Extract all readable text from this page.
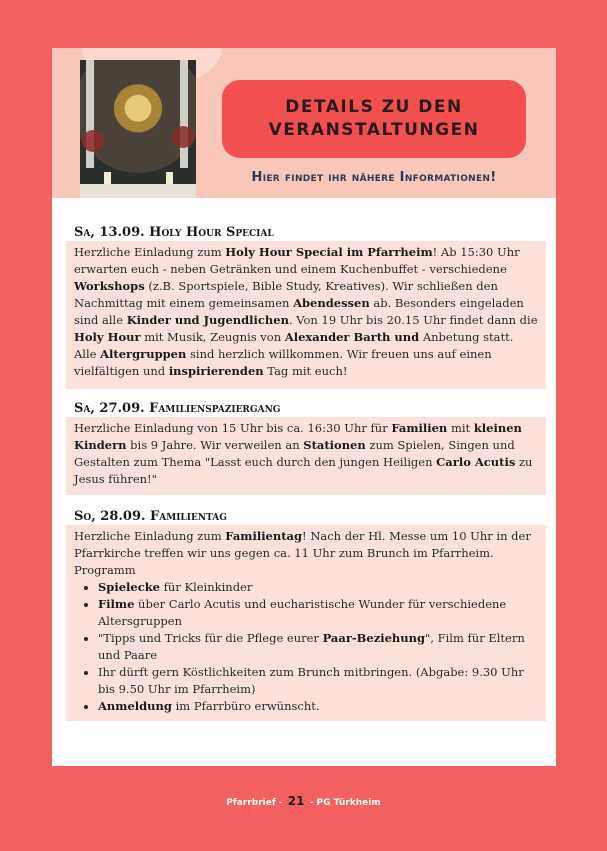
DETAILS ZU DEN
VERANSTALTUNGEN
Hier findet ihr nähere Informationen!
Sa, 13.09. Holy Hour Special

Herzliche Einladung zum Holy Hour Special im Pfarrheim! Ab 15:30 Uhr erwarten euch - neben Getränken und einem Kuchenbuffet - verschiedene Workshops (z.B. Sportspiele, Bible Study, Kreatives). Wir schließen den Nachmittag mit einem gemeinsamen Abendessen ab. Besonders eingeladen sind alle Kinder und Jugendlichen. Von 19 Uhr bis 20.15 Uhr findet dann die Holy Hour mit Musik, Zeugnis von Alexander Barth und Anbetung statt. Alle Altergruppen sind herzlich willkommen. Wir freuen uns auf einen vielfältigen und inspirierenden Tag mit euch!

Sa, 27.09. Familienspaziergang

Herzliche Einladung von 15 Uhr bis ca. 16:30 Uhr für Familien mit kleinen Kindern bis 9 Jahre. Wir verweilen an Stationen zum Spielen, Singen und Gestalten zum Thema "Lasst euch durch den jungen Heiligen Carlo Acutis zu Jesus führen!"

So, 28.09. Familientag

Herzliche Einladung zum Familientag! Nach der Hl. Messe um 10 Uhr in der Pfarrkirche treffen wir uns gegen ca. 11 Uhr zum Brunch im Pfarrheim. Programm

• Spielecke für Kleinkinder
• Filme über Carlo Acutis und eucharistische Wunder für verschiedene Altersgruppen
• "Tipps und Tricks für die Pflege eurer Paar-Beziehung", Film für Eltern und Paare
• Ihr dürft gern Köstlichkeiten zum Brunch mitbringen. (Abgabe: 9.30 Uhr bis 9.50 Uhr im Pfarrheim)
• Anmeldung im Pfarrbüro erwünscht.
Pfarrbrief - 21 - PG Türkheim
